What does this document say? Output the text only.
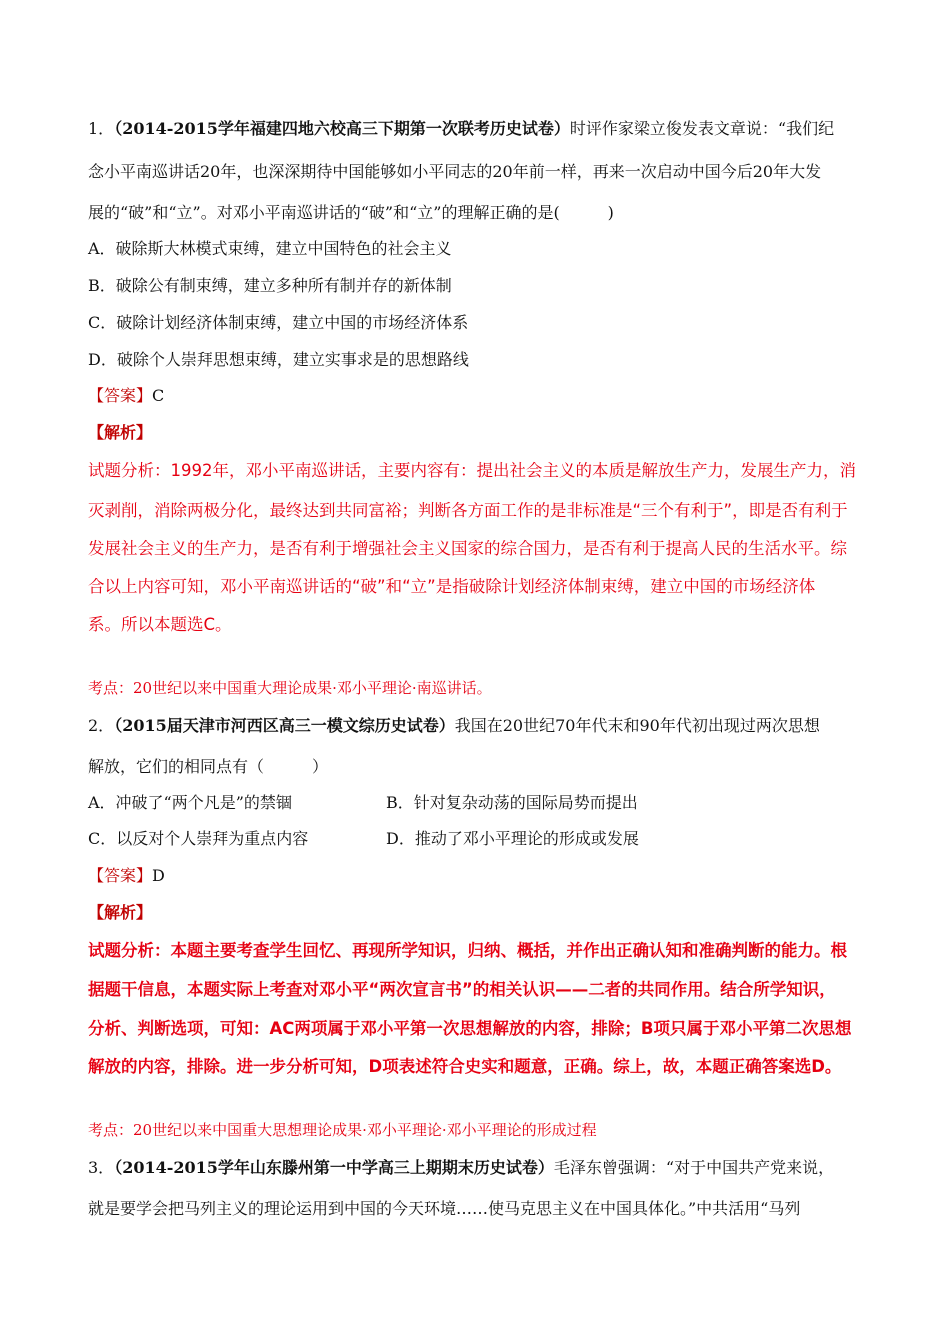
1．（2014-2015学年福建四地六校高三下期第一次联考历史试卷）时评作家梁立俊发表文章说：“我们纪
念小平南巡讲话20年，也深深期待中国能够如小平同志的20年前一样，再来一次启动中国今后20年大发
展的“破”和“立”。对邓小平南巡讲话的“破”和“立”的理解正确的是(　　　)
A．破除斯大林模式束缚，建立中国特色的社会主义
B．破除公有制束缚，建立多种所有制并存的新体制
C．破除计划经济体制束缚，建立中国的市场经济体系
D．破除个人崇拜思想束缚，建立实事求是的思想路线
【答案】C
【解析】
试题分析：1992年，邓小平南巡讲话，主要内容有：提出社会主义的本质是解放生产力，发展生产力，消
灭剥削，消除两极分化，最终达到共同富裕；判断各方面工作的是非标准是“三个有利于”，即是否有利于
发展社会主义的生产力，是否有利于增强社会主义国家的综合国力，是否有利于提高人民的生活水平。综
合以上内容可知，邓小平南巡讲话的“破”和“立”是指破除计划经济体制束缚，建立中国的市场经济体
系。所以本题选C。
考点：20世纪以来中国重大理论成果·邓小平理论·南巡讲话。
2．（2015届天津市河西区高三一模文综历史试卷）我国在20世纪70年代末和90年代初出现过两次思想
解放，它们的相同点有（　　　）
A．冲破了“两个凡是”的禁锢	B．针对复杂动荡的国际局势而提出
C．以反对个人崇拜为重点内容	D．推动了邓小平理论的形成或发展
【答案】D
【解析】
试题分析：本题主要考查学生回忆、再现所学知识，归纳、概括，并作出正确认知和准确判断的能力。根
据题干信息，本题实际上考查对邓小平“两次宣言书”的相关认识——二者的共同作用。结合所学知识，
分析、判断选项，可知：AC两项属于邓小平第一次思想解放的内容，排除；B项只属于邓小平第二次思想
解放的内容，排除。进一步分析可知，D项表述符合史实和题意，正确。综上，故，本题正确答案选D。
考点：20世纪以来中国重大思想理论成果·邓小平理论·邓小平理论的形成过程
3．（2014-2015学年山东滕州第一中学高三上期期末历史试卷）毛泽东曾强调：“对于中国共产党来说，
就是要学会把马列主义的理论运用到中国的今天环境……使马克思主义在中国具体化。”中共活用“马列
